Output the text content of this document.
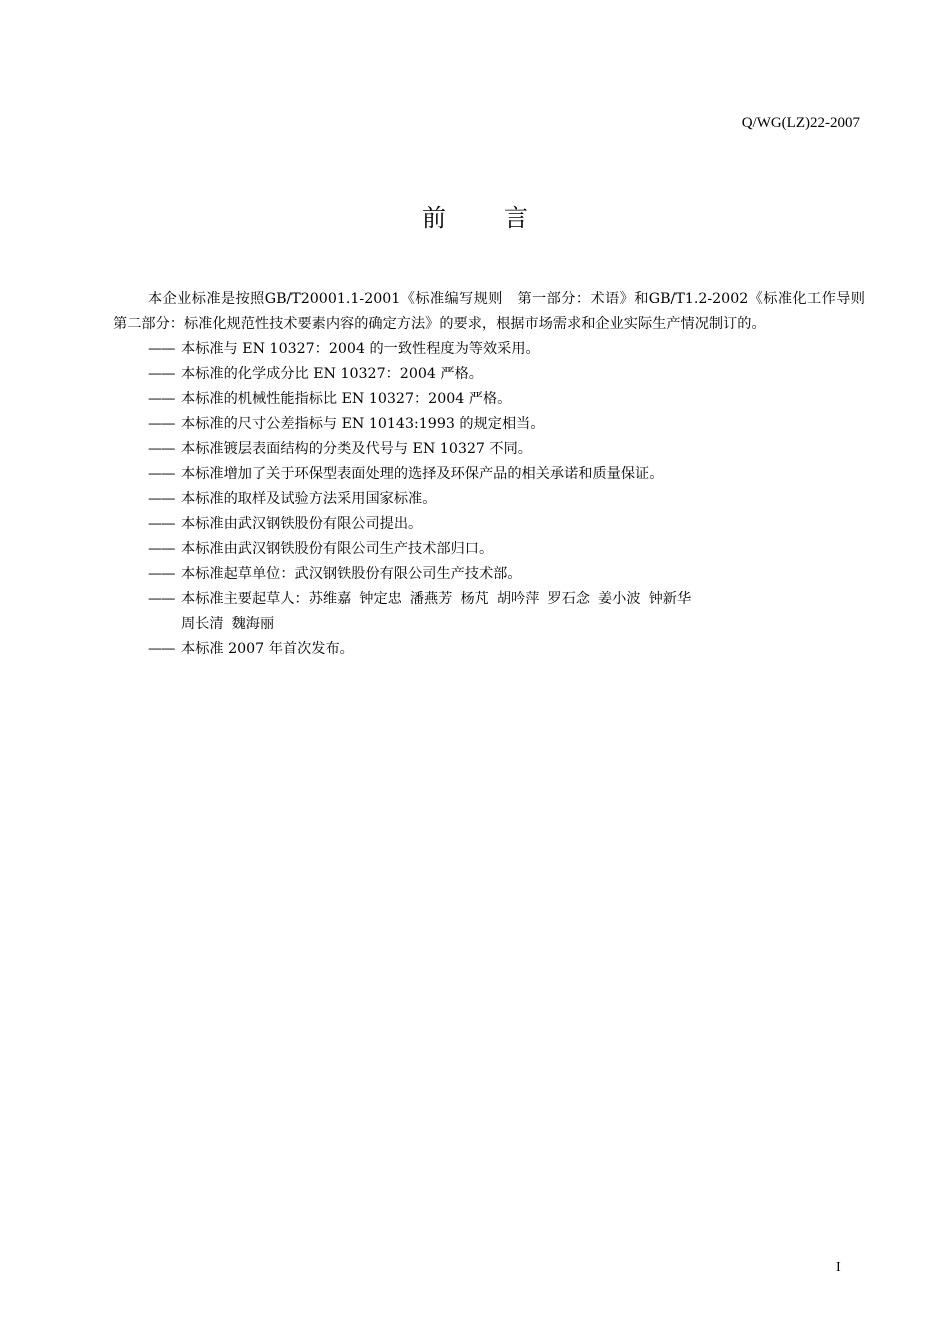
Q/WG(LZ)22-2007
前 言

本企业标准是按照GB/T20001.1-2001《标准编写规则　第一部分：术语》和GB/T1.2-2002《标准化工作导则　第二部分：标准化规范性技术要素内容的确定方法》的要求，根据市场需求和企业实际生产情况制订的。

—— 本标准与 EN 10327：2004 的一致性程度为等效采用。
—— 本标准的化学成分比 EN 10327：2004 严格。
—— 本标准的机械性能指标比 EN 10327：2004 严格。
—— 本标准的尺寸公差指标与 EN 10143:1993 的规定相当。
—— 本标准镀层表面结构的分类及代号与 EN 10327 不同。
—— 本标准增加了关于环保型表面处理的选择及环保产品的相关承诺和质量保证。
—— 本标准的取样及试验方法采用国家标准。
—— 本标准由武汉钢铁股份有限公司提出。
—— 本标准由武汉钢铁股份有限公司生产技术部归口。
—— 本标准起草单位：武汉钢铁股份有限公司生产技术部。
—— 本标准主要起草人：苏维嘉 钟定忠 潘燕芳 杨芃 胡吟萍 罗石念 姜小波 钟新华
周长清 魏海丽
—— 本标准 2007 年首次发布。
I
